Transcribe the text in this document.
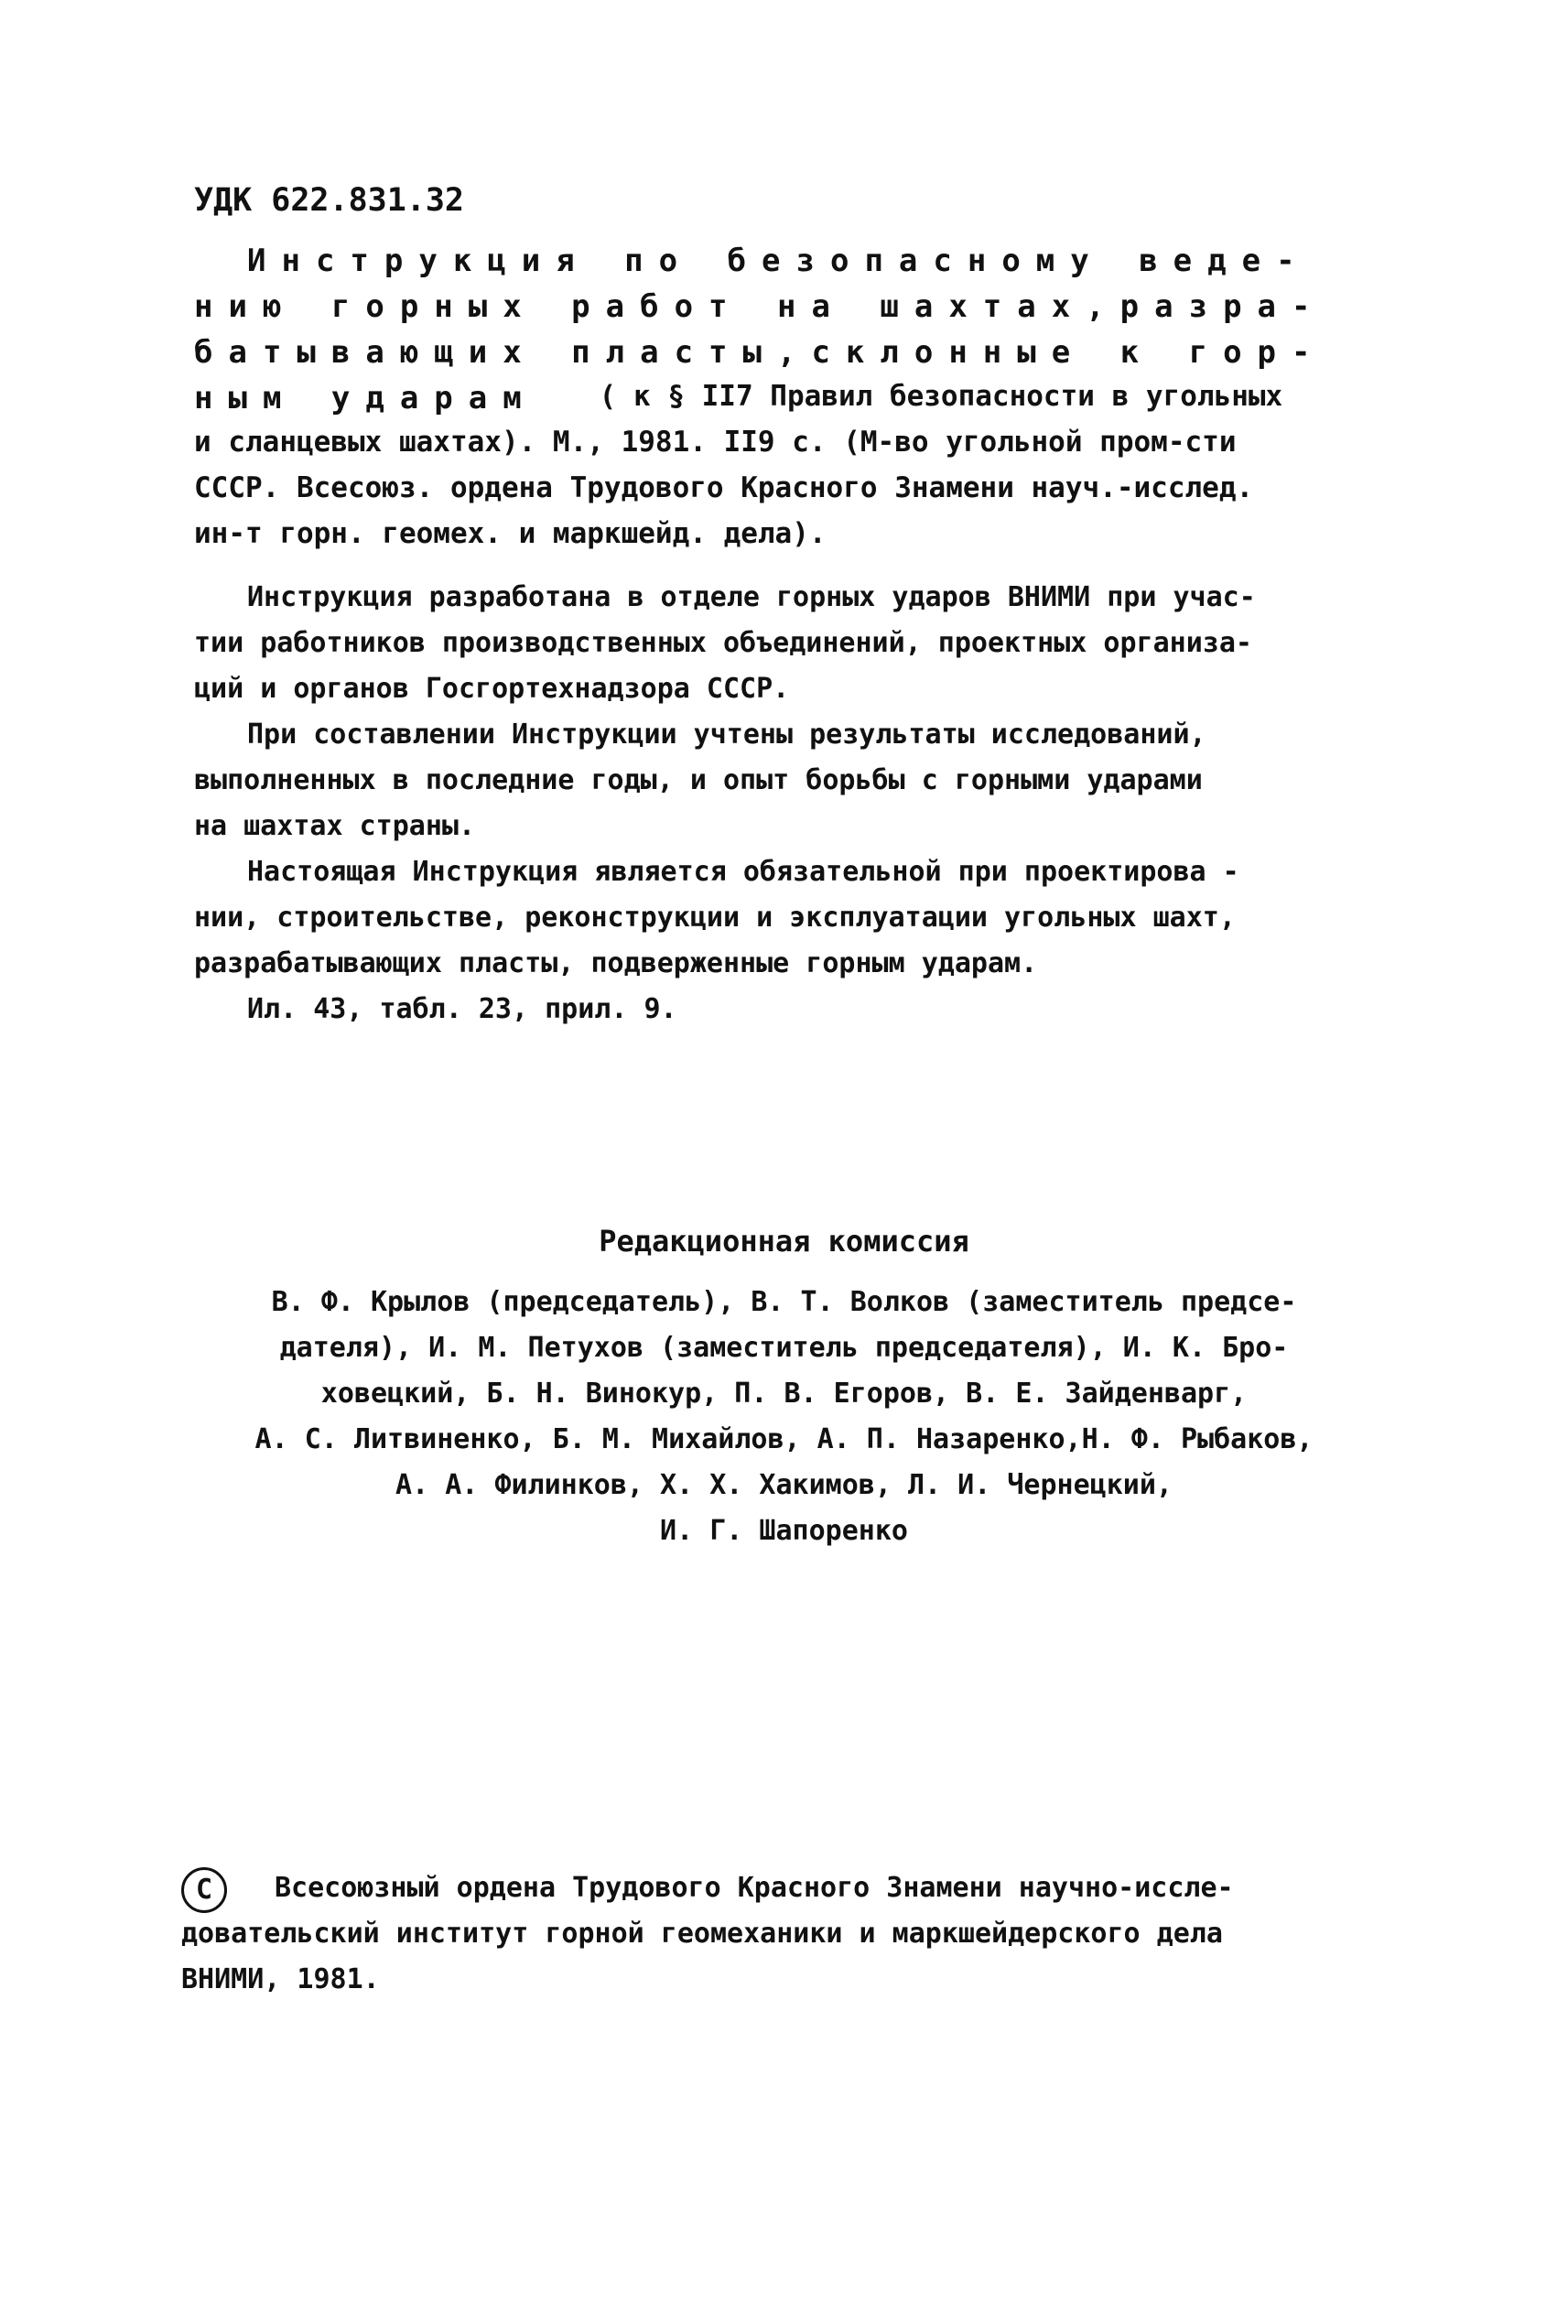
УДК 622.831.32
Инструкция по безопасному веде-
нию горных работ на шахтах,разра-
батывающих пласты,склонные к гор-
ным ударам ( к § II7 Правил безопасности в угольных
и сланцевых шахтах). М., 1981. II9 с. (М-во угольной пром-сти
СССР. Всесоюз. ордена Трудового Красного Знамени науч.-исслед.
ин-т горн. геомех. и маркшейд. дела).
Инструкция разработана в отделе горных ударов ВНИМИ при учас-
тии работников производственных объединений, проектных организа-
ций и органов Госгортехнадзора СССР.
При составлении Инструкции учтены результаты исследований,
выполненных в последние годы, и опыт борьбы с горными ударами
на шахтах страны.
Настоящая Инструкция является обязательной при проектирова -
нии, строительстве, реконструкции и эксплуатации угольных шахт,
разрабатывающих пласты, подверженные горным ударам.
Ил. 43, табл. 23, прил. 9.
Редакционная комиссия
В. Ф. Крылов (председатель), В. Т. Волков (заместитель предсе-
дателя), И. М. Петухов (заместитель председателя), И. К. Бро-
ховецкий, Б. Н. Винокур, П. В. Егоров, В. Е. Зайденварг,
А. С. Литвиненко, Б. М. Михайлов, А. П. Назаренко,Н. Ф. Рыбаков,
А. А. Филинков, Х. Х. Хакимов, Л. И. Чернецкий,
И. Г. Шапоренко
С	Всесоюзный ордена Трудового Красного Знамени научно-иссле-
довательский институт горной геомеханики и маркшейдерского дела
ВНИМИ, 1981.
